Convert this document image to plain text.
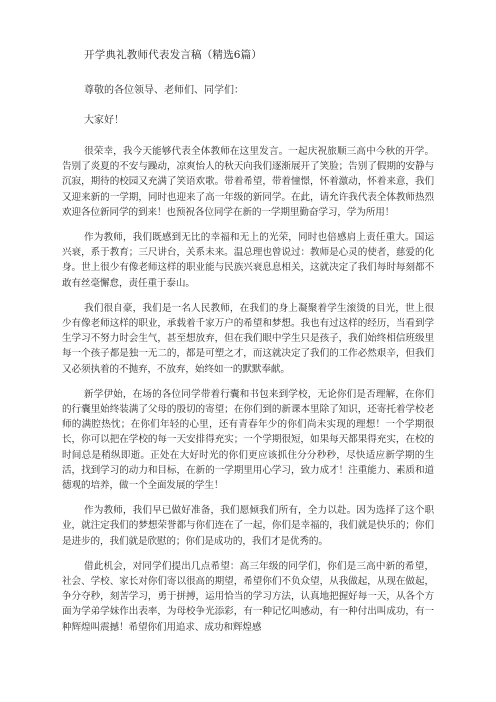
开学典礼教师代表发言稿（精选6篇）
尊敬的各位领导、老师们、同学们：
大家好！

很荣幸，我今天能够代表全体教师在这里发言。一起庆祝旅顺三高中今秋的开学。告别了炎夏的不安与躁动，凉爽怡人的秋天向我们逐渐展开了笑脸；告别了假期的安静与沉寂，期待的校园又充满了笑语欢歌。带着希望，带着憧憬，怀着激动，怀着来意，我们又迎来新的一学期，同时也迎来了高一年级的新同学。在此，请允许我代表全体教师热烈欢迎各位新同学的到来！也预祝各位同学在新的一学期里勤奋学习，学为所用！

作为教师，我们既感到无比的幸福和无上的光荣，同时也倍感肩上责任重大。国运兴衰，系于教育；三尺讲台，关系未来。温总理也曾说过：教师是心灵的使者，慈爱的化身。世上很少有像老师这样的职业能与民族兴衰息息相关，这就决定了我们每时每刻都不敢有丝毫懈怠，责任重于泰山。

我们很自豪，我们是一名人民教师，在我们的身上凝聚着学生滚烫的目光，世上很少有像老师这样的职业，承载着千家万户的希望和梦想。我也有过这样的经历，当看到学生学习不努力时会生气，甚至想放弃，但在我们眼中学生只是孩子，我们始终相信班级里每一个孩子都是独一无二的，都是可塑之才，而这就决定了我们的工作必然艰辛，但我们又必须执着的不抛弃，不放弃，始终如一的默默奉献。

新学伊始，在场的各位同学带着行囊和书包来到学校，无论你们是否理解，在你们的行囊里始终装满了父母的殷切的寄望；在你们到的新课本里除了知识，还寄托着学校老师的满腔热忱；在你们年轻的心里，还有青春年少的你们尚未实现的理想！一个学期很长，你可以把在学校的每一天安排得充实；一个学期很短，如果每天都果得充实，在校的时间总是稍纵即逝。正处在大好时光的你们更应该抓住分分秒秒，尽快适应新学期的生活，找到学习的动力和目标，在新的一学期里用心学习，致力成才！注重能力、素质和道德观的培养，做一个全面发展的学生！

作为教师，我们早已做好准备，我们愿倾我们所有，全力以赴。因为选择了这个职业，就注定我们的梦想荣誉都与你们连在了一起，你们是幸福的，我们就是快乐的；你们是进步的，我们就是欣慰的；你们是成功的，我们才是优秀的。

借此机会，对同学们提出几点希望：高三年级的同学们，你们是三高中新的希望，社会、学校、家长对你们寄以很高的期望，希望你们不负众望，从我做起，从现在做起，争分夺秒，刻苦学习，勇于拼搏，运用恰当的学习方法，认真地把握好每一天，从各个方面为学弟学妹作出表率，为母校争光添彩，有一种记忆叫感动，有一种付出叫成功，有一种辉煌叫震撼！希望你们用追求、成功和辉煌感
